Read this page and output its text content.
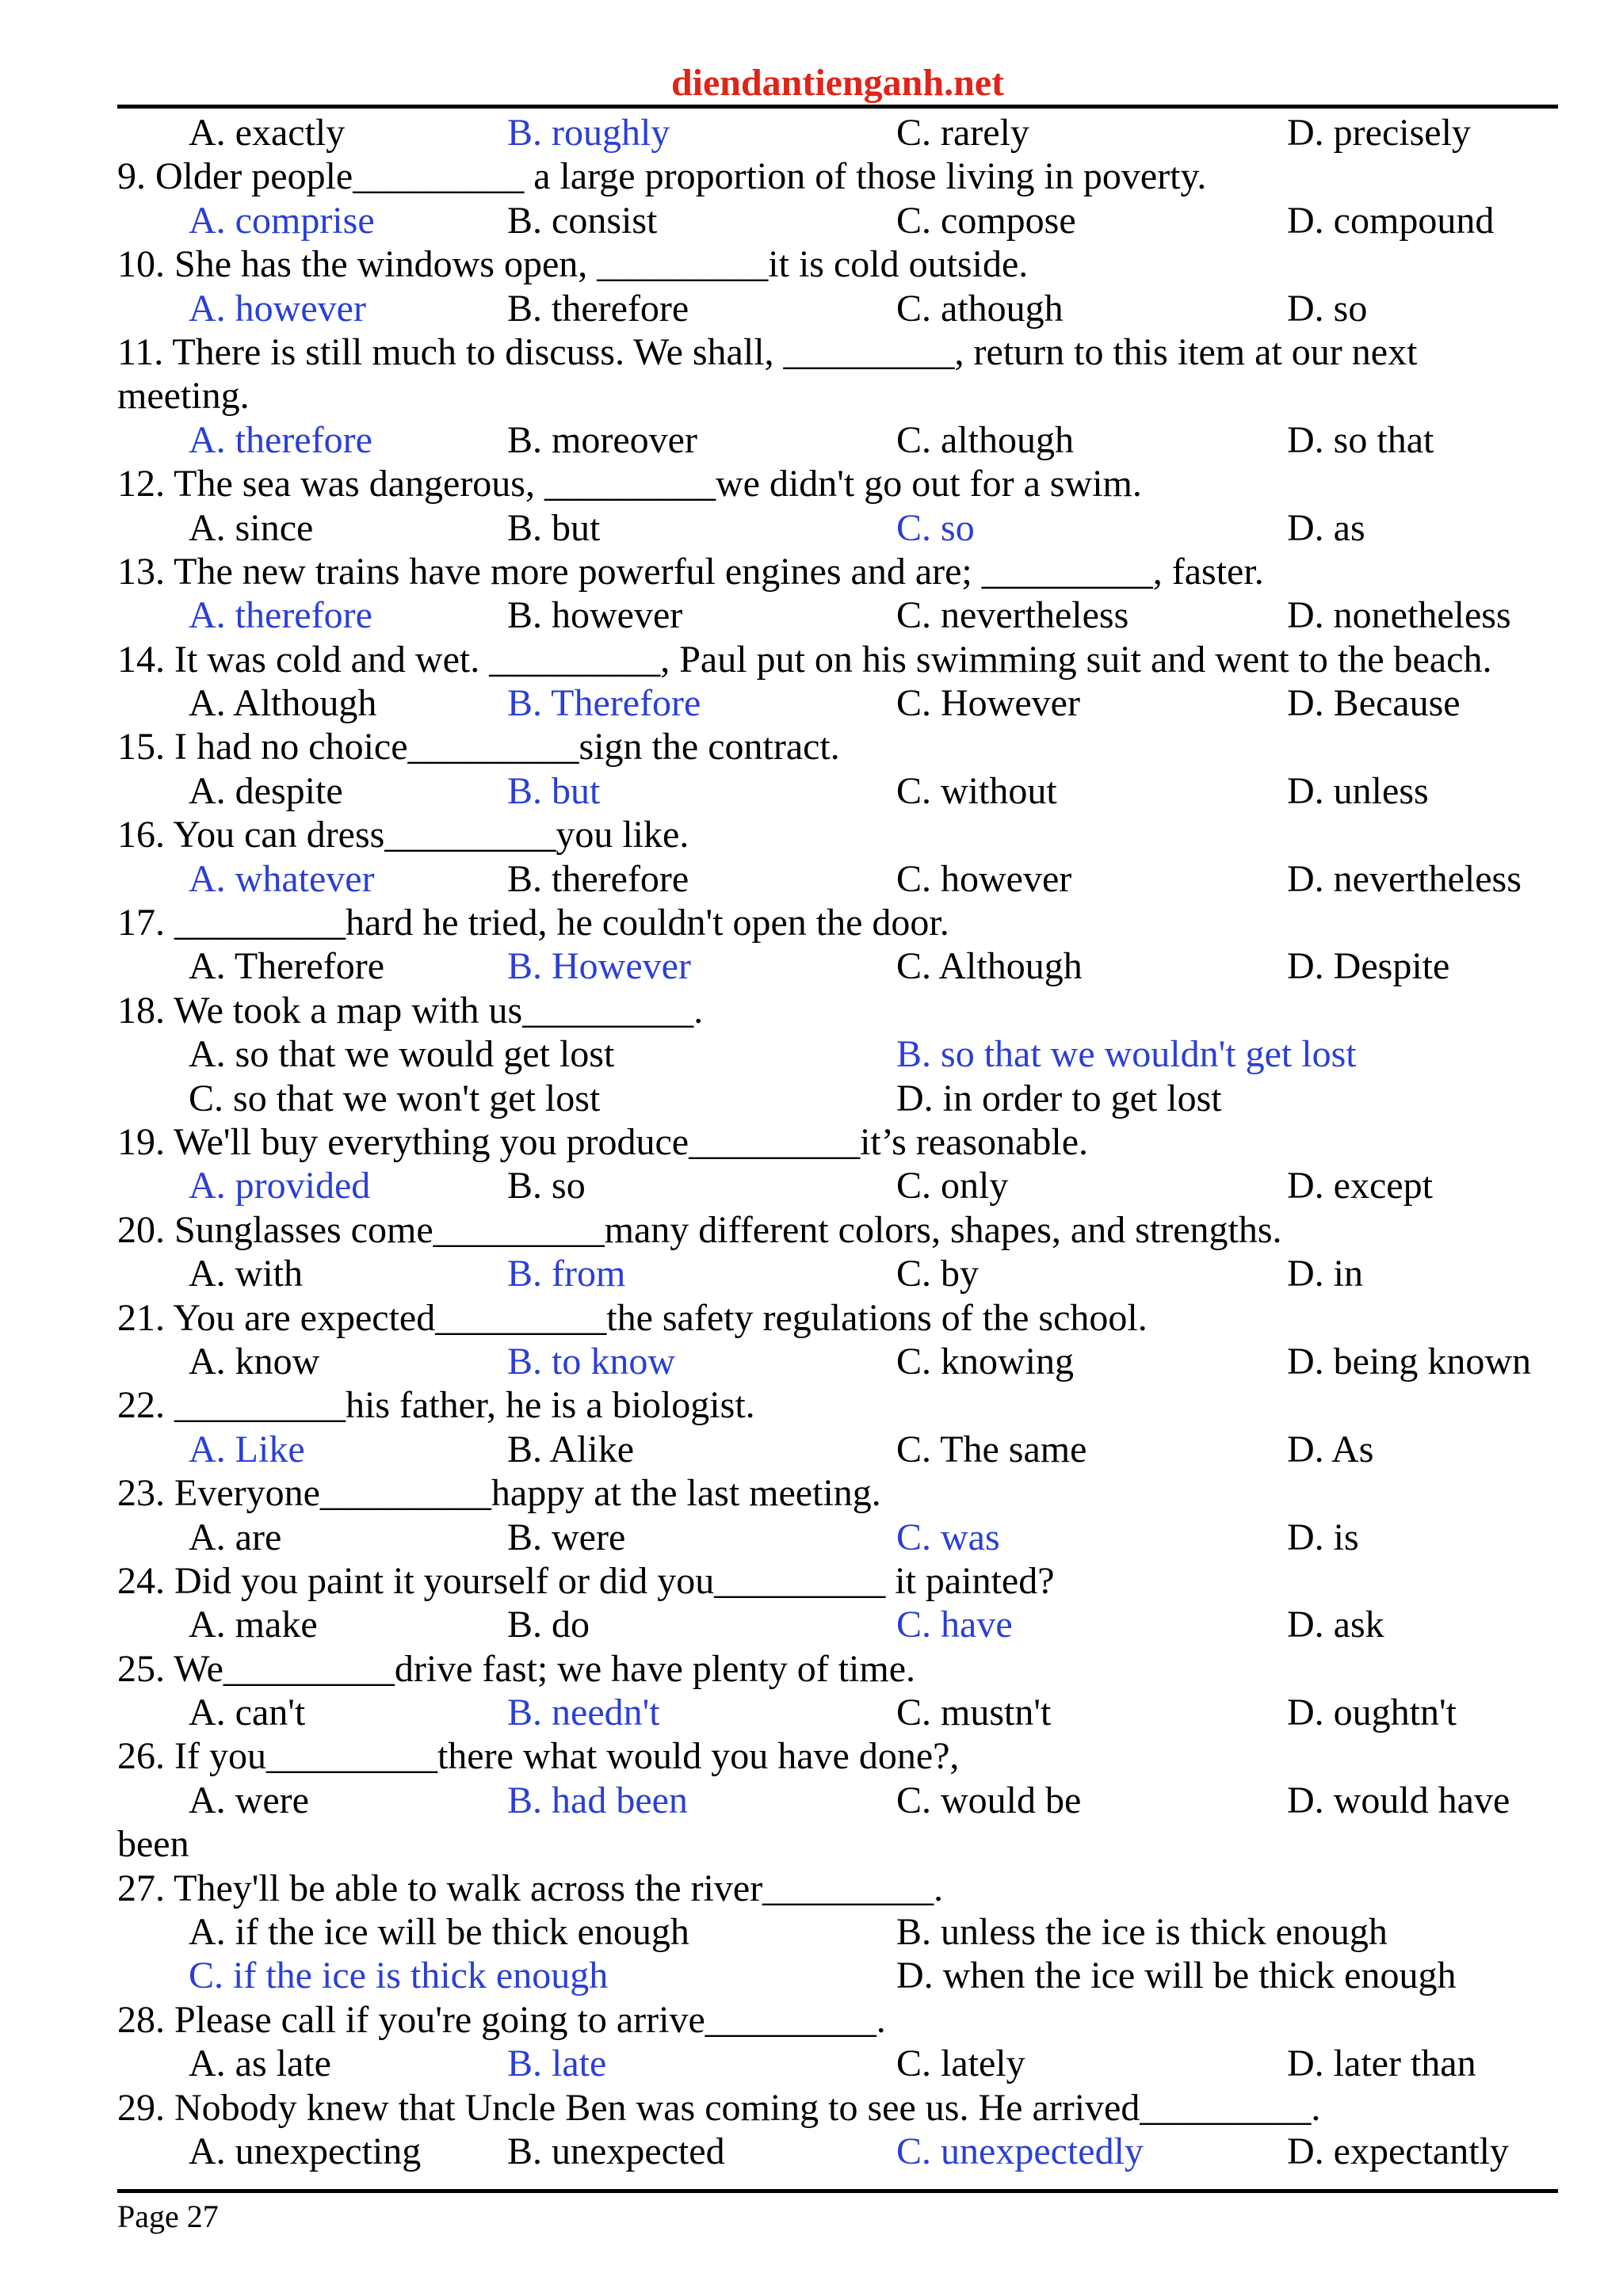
diendantienganh.net
A. exactly	B. roughly	C. rarely	D. precisely
9. Older people_________ a large proportion of those living in poverty.
A. comprise	B. consist	C. compose	D. compound
10. She has the windows open, _________it is cold outside.
A. however	B. therefore	C. athough	D. so
11. There is still much to discuss. We shall, _________, return to this item at our next
meeting.
A. therefore	B. moreover	C. although	D. so that
12. The sea was dangerous, _________we didn't go out for a swim.
A. since	B. but	C. so	D. as
13. The new trains have more powerful engines and are; _________, faster.
A. therefore	B. however	C. nevertheless	D. nonetheless
14. It was cold and wet. _________, Paul put on his swimming suit and went to the beach.
A. Although	B. Therefore	C. However	D. Because
15. I had no choice_________sign the contract.
A. despite	B. but	C. without	D. unless
16. You can dress_________you like.
A. whatever	B. therefore	C. however	D. nevertheless
17. _________hard he tried, he couldn't open the door.
A. Therefore	B. However	C. Although	D. Despite
18. We took a map with us_________.
A. so that we would get lost	B. so that we wouldn't get lost
C. so that we won't get lost	D. in order to get lost
19. We'll buy everything you produce_________it’s reasonable.
A. provided	B. so	C. only	D. except
20. Sunglasses come_________many different colors, shapes, and strengths.
A. with	B. from	C. by	D. in
21. You are expected_________the safety regulations of the school.
A. know	B. to know	C. knowing	D. being known
22. _________his father, he is a biologist.
A. Like	B. Alike	C. The same	D. As
23. Everyone_________happy at the last meeting.
A. are	B. were	C. was	D. is
24. Did you paint it yourself or did you_________ it painted?
A. make	B. do	C. have	D. ask
25. We_________drive fast; we have plenty of time.
A. can't	B. needn't	C. mustn't	D. oughtn't
26. If you_________there what would you have done?,
A. were	B. had been	C. would be	D. would have
been
27. They'll be able to walk across the river_________.
A. if the ice will be thick enough	B. unless the ice is thick enough
C. if the ice is thick enough	D. when the ice will be thick enough
28. Please call if you're going to arrive_________.
A. as late	B. late	C. lately	D. later than
29. Nobody knew that Uncle Ben was coming to see us. He arrived_________.
A. unexpecting B. unexpected	C. unexpectedly	D. expectantly
Page 27
